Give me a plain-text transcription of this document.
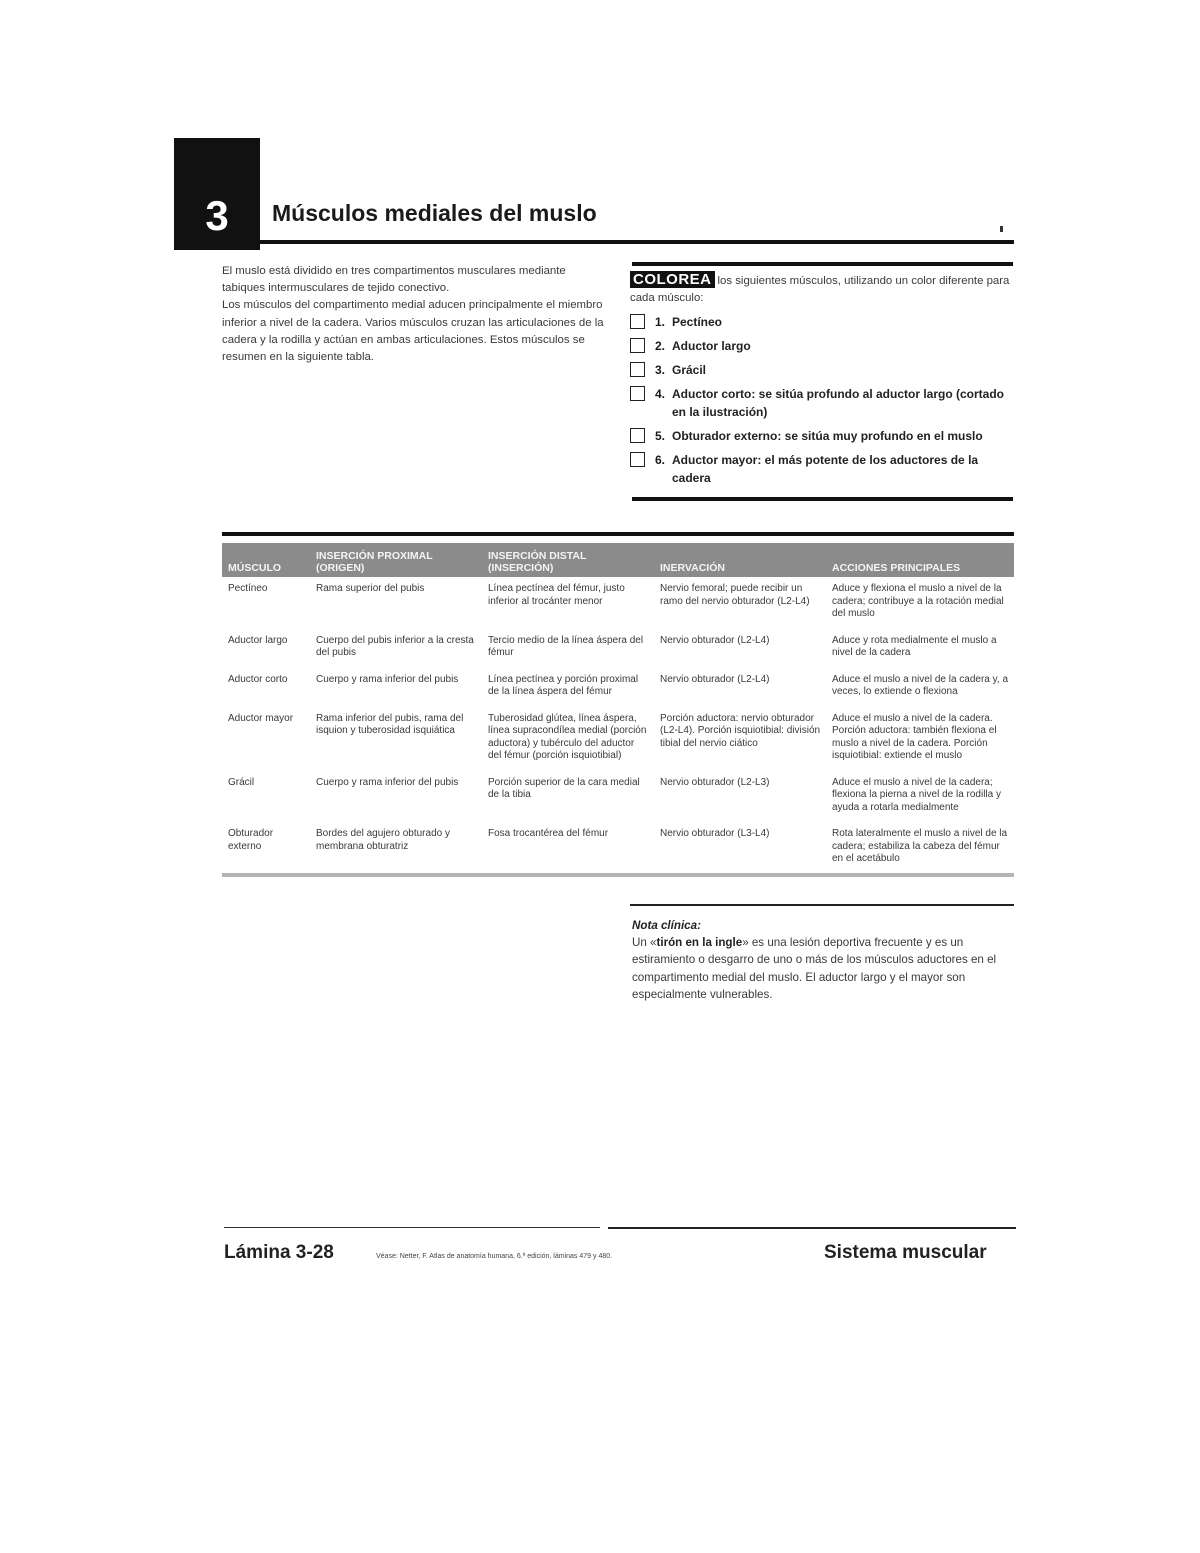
3 Músculos mediales del muslo

El muslo está dividido en tres compartimentos musculares mediante tabiques intermusculares de tejido conectivo.

Los músculos del compartimento medial aducen principalmente el miembro inferior a nivel de la cadera. Varios músculos cruzan las articulaciones de la cadera y la rodilla y actúan en ambas articulaciones. Estos músculos se resumen en la siguiente tabla.

COLOREA los siguientes músculos, utilizando un color diferente para cada músculo:
1. Pectíneo
2. Aductor largo
3. Grácil
4. Aductor corto: se sitúa profundo al aductor largo (cortado en la ilustración)
5. Obturador externo: se sitúa muy profundo en el muslo
6. Aductor mayor: el más potente de los aductores de la cadera
MÚSCULO	INSERCIÓN PROXIMAL (ORIGEN)	INSERCIÓN DISTAL (INSERCIÓN)	INERVACIÓN	ACCIONES PRINCIPALES
Pectíneo	Rama superior del pubis	Línea pectínea del fémur, justo inferior al trocánter menor	Nervio femoral; puede recibir un ramo del nervio obturador (L2-L4)	Aduce y flexiona el muslo a nivel de la cadera; contribuye a la rotación medial del muslo
Aductor largo	Cuerpo del pubis inferior a la cresta del pubis	Tercio medio de la línea áspera del fémur	Nervio obturador (L2-L4)	Aduce y rota medialmente el muslo a nivel de la cadera
Aductor corto	Cuerpo y rama inferior del pubis	Línea pectínea y porción proximal de la línea áspera del fémur	Nervio obturador (L2-L4)	Aduce el muslo a nivel de la cadera y, a veces, lo extiende o flexiona
Aductor mayor	Rama inferior del pubis, rama del isquion y tuberosidad isquiática	Tuberosidad glútea, línea áspera, línea supracondílea medial (porción aductora) y tubérculo del aductor del fémur (porción isquiotibial)	Porción aductora: nervio obturador (L2-L4). Porción isquiotibial: división tibial del nervio ciático	Aduce el muslo a nivel de la cadera. Porción aductora: también flexiona el muslo a nivel de la cadera. Porción isquiotibial: extiende el muslo
Grácil	Cuerpo y rama inferior del pubis	Porción superior de la cara medial de la tibia	Nervio obturador (L2-L3)	Aduce el muslo a nivel de la cadera; flexiona la pierna a nivel de la rodilla y ayuda a rotarla medialmente
Obturador externo	Bordes del agujero obturado y membrana obturatriz	Fosa trocantérea del fémur	Nervio obturador (L3-L4)	Rota lateralmente el muslo a nivel de la cadera; estabiliza la cabeza del fémur en el acetábulo
Nota clínica:
Un «tirón en la ingle» es una lesión deportiva frecuente y es un estiramiento o desgarro de uno o más de los músculos aductores en el compartimento medial del muslo. El aductor largo y el mayor son especialmente vulnerables.
Lámina 3-28	Véase: Netter, F. Atlas de anatomía humana, 6.ª edición, láminas 479 y 480.	Sistema muscular
